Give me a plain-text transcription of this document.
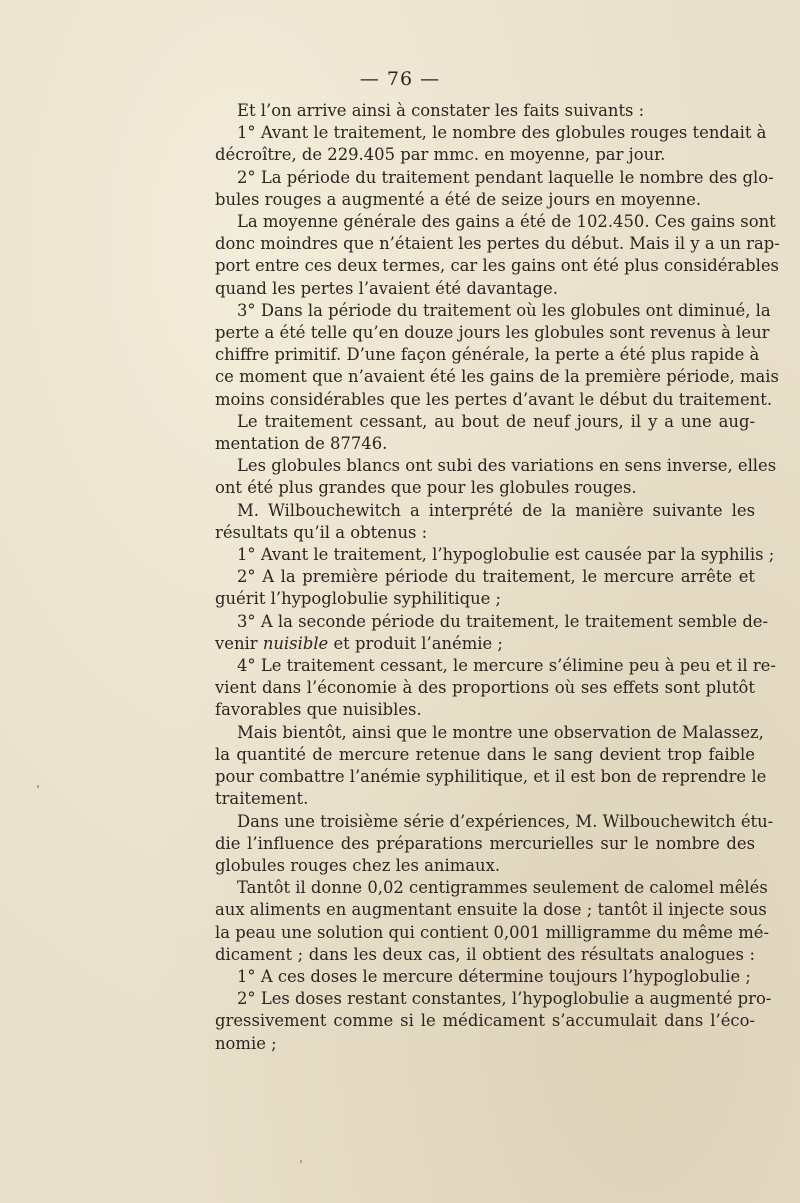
— 76 —
Et l’on arrive ainsi à constater les faits suivants :
1° Avant le traitement, le nombre des globules rouges tendait à
décroître, de 229.405 par mmc. en moyenne, par jour.
2° La période du traitement pendant laquelle le nombre des glo-
bules rouges a augmenté a été de seize jours en moyenne.
La moyenne générale des gains a été de 102.450. Ces gains sont
donc moindres que n’étaient les pertes du début. Mais il y a un rap-
port entre ces deux termes, car les gains ont été plus considérables
quand les pertes l’avaient été davantage.
3° Dans la période du traitement où les globules ont diminué, la
perte a été telle qu’en douze jours les globules sont revenus à leur
chiffre primitif. D’une façon générale, la perte a été plus rapide à
ce moment que n’avaient été les gains de la première période, mais
moins considérables que les pertes d’avant le début du traitement.
Le traitement cessant, au bout de neuf jours, il y a une aug-
mentation de 87746.
Les globules blancs ont subi des variations en sens inverse, elles
ont été plus grandes que pour les globules rouges.
M. Wilbouchewitch a interprété de la manière suivante les
résultats qu’il a obtenus :
1° Avant le traitement, l’hypoglobulie est causée par la syphilis ;
2° A la première période du traitement, le mercure arrête et
guérit l’hypoglobulie syphilitique ;
3° A la seconde période du traitement, le traitement semble de-
venir nuisible et produit l’anémie ;
4° Le traitement cessant, le mercure s’élimine peu à peu et il re-
vient dans l’économie à des proportions où ses effets sont plutôt
favorables que nuisibles.
Mais bientôt, ainsi que le montre une observation de Malassez,
la quantité de mercure retenue dans le sang devient trop faible
pour combattre l’anémie syphilitique, et il est bon de reprendre le
traitement.
Dans une troisième série d’expériences, M. Wilbouchewitch étu-
die l’influence des préparations mercurielles sur le nombre des
globules rouges chez les animaux.
Tantôt il donne 0,02 centigrammes seulement de calomel mêlés
aux aliments en augmentant ensuite la dose ; tantôt il injecte sous
la peau une solution qui contient 0,001 milligramme du même mé-
dicament ; dans les deux cas, il obtient des résultats analogues :
1° A ces doses le mercure détermine toujours l’hypoglobulie ;
2° Les doses restant constantes, l’hypoglobulie a augmenté pro-
gressivement comme si le médicament s’accumulait dans l’éco-
nomie ;
